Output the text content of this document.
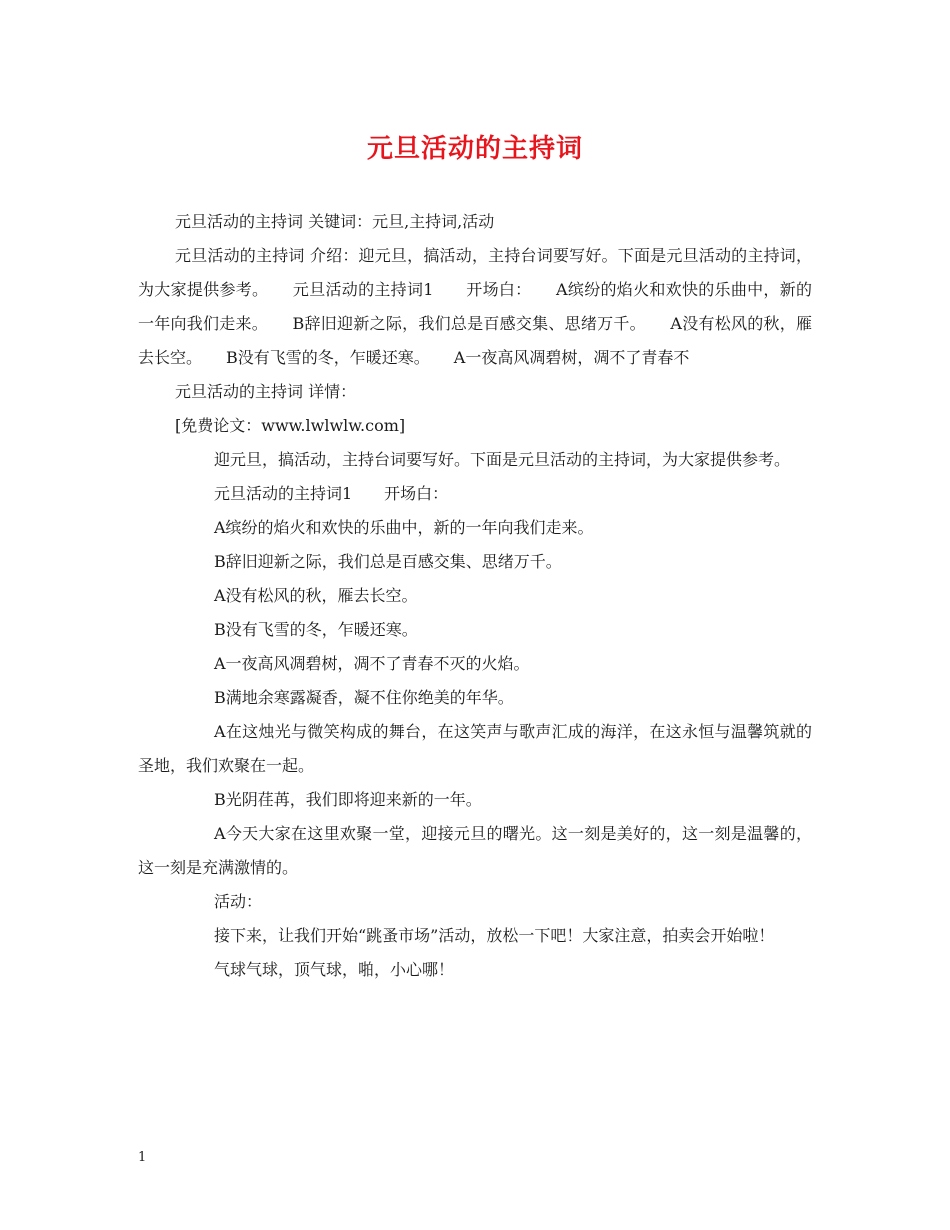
元旦活动的主持词

元旦活动的主持词 关键词：元旦,主持词,活动

元旦活动的主持词 介绍：迎元旦，搞活动，主持台词要写好。下面是元旦活动的主持词，为大家提供参考。　　元旦活动的主持词1　　开场白：　　A缤纷的焰火和欢快的乐曲中，新的一年向我们走来。　　B辞旧迎新之际，我们总是百感交集、思绪万千。　　A没有松风的秋，雁去长空。　　B没有飞雪的冬，乍暖还寒。　　A一夜高风凋碧树，凋不了青春不

元旦活动的主持词 详情：

[免费论文：www.lwlwlw.com]

迎元旦，搞活动，主持台词要写好。下面是元旦活动的主持词，为大家提供参考。

元旦活动的主持词1　　开场白：

A缤纷的焰火和欢快的乐曲中，新的一年向我们走来。

B辞旧迎新之际，我们总是百感交集、思绪万千。

A没有松风的秋，雁去长空。

B没有飞雪的冬，乍暖还寒。

A一夜高风凋碧树，凋不了青春不灭的火焰。

B满地余寒露凝香，凝不住你绝美的年华。

A在这烛光与微笑构成的舞台，在这笑声与歌声汇成的海洋，在这永恒与温馨筑就的圣地，我们欢聚在一起。

B光阴荏苒，我们即将迎来新的一年。

A今天大家在这里欢聚一堂，迎接元旦的曙光。这一刻是美好的，这一刻是温馨的，这一刻是充满激情的。

活动：

接下来，让我们开始“跳蚤市场”活动，放松一下吧！大家注意，拍卖会开始啦！

气球气球，顶气球，啪，小心哪！

1
